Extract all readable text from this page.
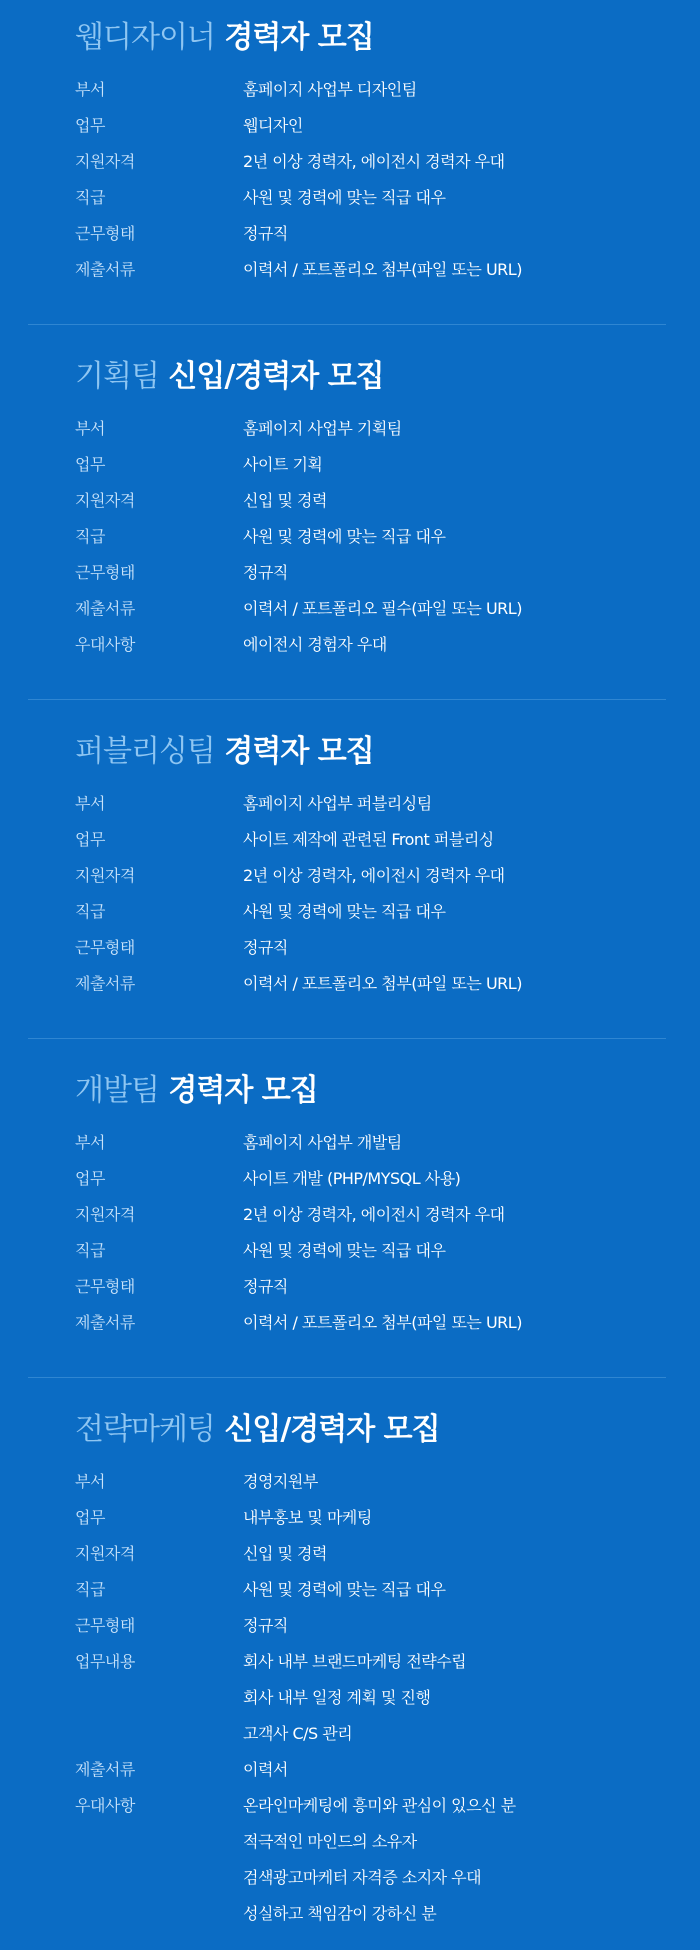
웹디자이너 경력자 모집
부서	홈페이지 사업부 디자인팀
업무	웹디자인
지원자격	2년 이상 경력자, 에이전시 경력자 우대
직급	사원 및 경력에 맞는 직급 대우
근무형태	정규직
제출서류	이력서 / 포트폴리오 첨부(파일 또는 URL)
기획팀 신입/경력자 모집
부서	홈페이지 사업부 기획팀
업무	사이트 기획
지원자격	신입 및 경력
직급	사원 및 경력에 맞는 직급 대우
근무형태	정규직
제출서류	이력서 / 포트폴리오 필수(파일 또는 URL)
우대사항	에이전시 경험자 우대
퍼블리싱팀 경력자 모집
부서	홈페이지 사업부 퍼블리싱팀
업무	사이트 제작에 관련된 Front 퍼블리싱
지원자격	2년 이상 경력자, 에이전시 경력자 우대
직급	사원 및 경력에 맞는 직급 대우
근무형태	정규직
제출서류	이력서 / 포트폴리오 첨부(파일 또는 URL)
개발팀 경력자 모집
부서	홈페이지 사업부 개발팀
업무	사이트 개발 (PHP/MYSQL 사용)
지원자격	2년 이상 경력자, 에이전시 경력자 우대
직급	사원 및 경력에 맞는 직급 대우
근무형태	정규직
제출서류	이력서 / 포트폴리오 첨부(파일 또는 URL)
전략마케팅 신입/경력자 모집
부서	경영지원부
업무	내부홍보 및 마케팅
지원자격	신입 및 경력
직급	사원 및 경력에 맞는 직급 대우
근무형태	정규직
업무내용	회사 내부 브랜드마케팅 전략수립
회사 내부 일정 계획 및 진행
고객사 C/S 관리
제출서류	이력서
우대사항	온라인마케팅에 흥미와 관심이 있으신 분
적극적인 마인드의 소유자
검색광고마케터 자격증 소지자 우대
성실하고 책임감이 강하신 분
